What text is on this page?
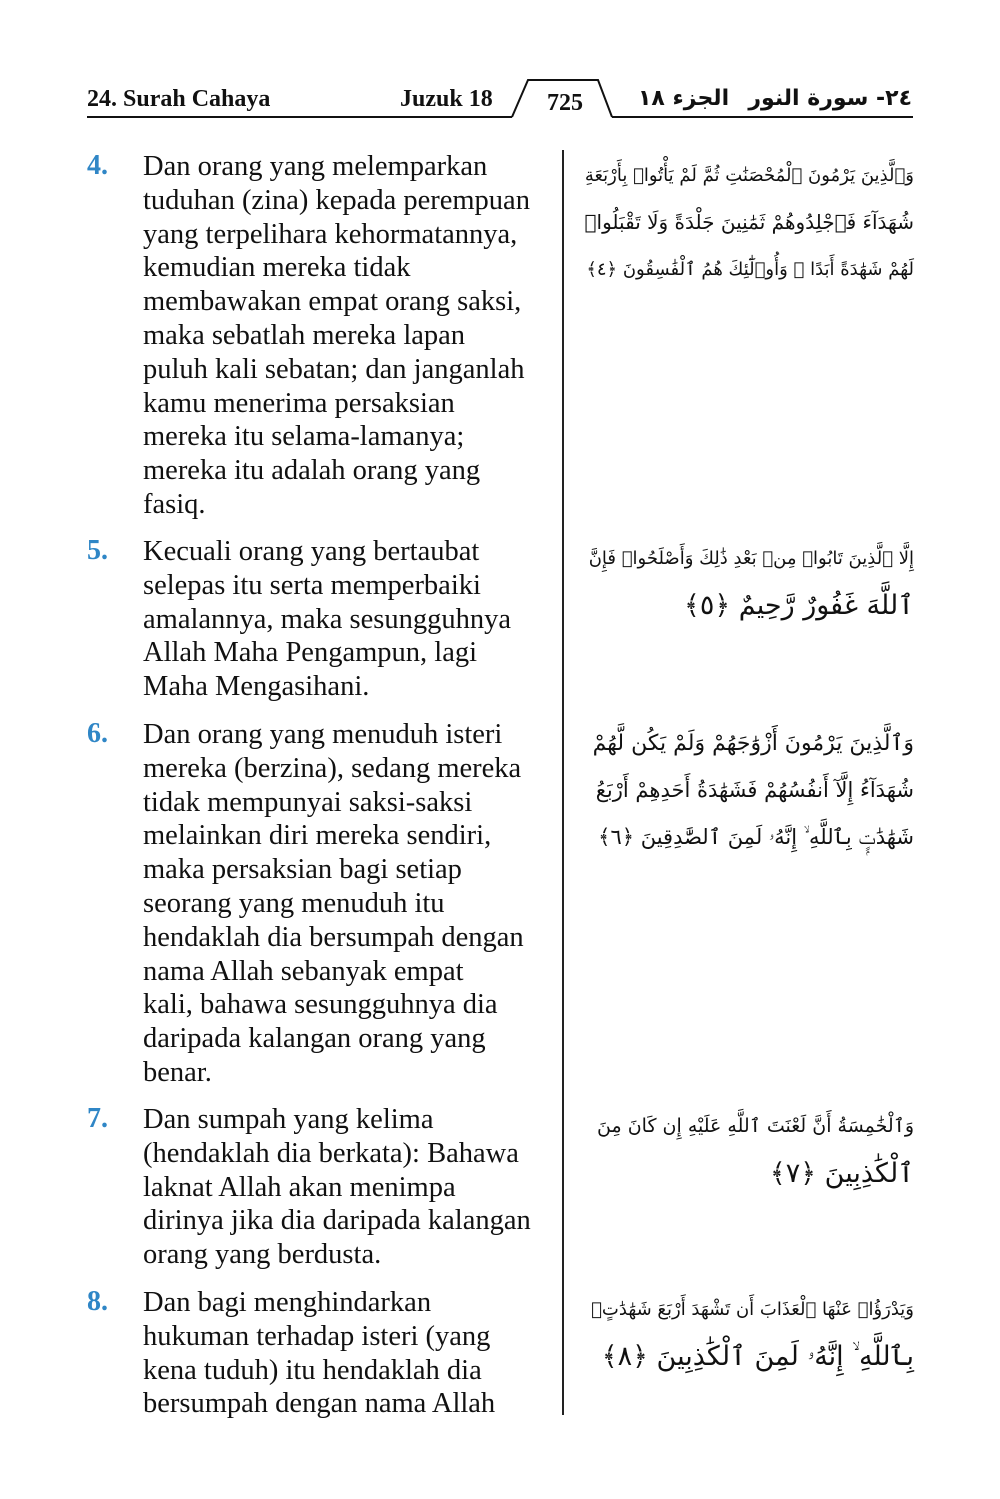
24. Surah Cahaya	Juzuk 18 725	الجزء ١٨ ٢٤- سورة النور
4. Dan orang yang melemparkan
tuduhan (zina) kepada perempuan
yang terpelihara kehormatannya,
kemudian mereka tidak
membawakan empat orang saksi,
maka sebatlah mereka lapan
puluh kali sebatan; dan janganlah
kamu menerima persaksian
mereka itu selama-lamanya;
mereka itu adalah orang yang
fasiq.
وَٱلَّذِينَ يَرْمُونَ ٱلْمُحْصَنَٰتِ ثُمَّ لَمْ يَأْتُوا۟ بِأَرْبَعَةِ
شُهَدَآءَ فَٱجْلِدُوهُمْ ثَمَٰنِينَ جَلْدَةً وَلَا تَقْبَلُوا۟
لَهُمْ شَهَٰدَةً أَبَدًا ۚ وَأُو۟لَٰٓئِكَ هُمُ ٱلْفَٰسِقُونَ ﴿٤﴾
5. Kecuali orang yang bertaubat
selepas itu serta memperbaiki
amalannya, maka sesungguhnya
Allah Maha Pengampun, lagi
Maha Mengasihani.
إِلَّا ٱلَّذِينَ تَابُوا۟ مِنۢ بَعْدِ ذَٰلِكَ وَأَصْلَحُوا۟ فَإِنَّ
ٱللَّهَ غَفُورٌ رَّحِيمٌ ﴿٥﴾
6. Dan orang yang menuduh isteri
mereka (berzina), sedang mereka
tidak mempunyai saksi-saksi
melainkan diri mereka sendiri,
maka persaksian bagi setiap
seorang yang menuduh itu
hendaklah dia bersumpah dengan
nama Allah sebanyak empat
kali, bahawa sesungguhnya dia
daripada kalangan orang yang
benar.
وَٱلَّذِينَ يَرْمُونَ أَزْوَٰجَهُمْ وَلَمْ يَكُن لَّهُمْ
شُهَدَآءُ إِلَّآ أَنفُسُهُمْ فَشَهَٰدَةُ أَحَدِهِمْ أَرْبَعُ
شَهَٰدَٰتٍۭ بِٱللَّهِ ۙ إِنَّهُۥ لَمِنَ ٱلصَّٰدِقِينَ ﴿٦﴾
7. Dan sumpah yang kelima
(hendaklah dia berkata): Bahawa
laknat Allah akan menimpa
dirinya jika dia daripada kalangan
orang yang berdusta.
وَٱلْخَٰمِسَةُ أَنَّ لَعْنَتَ ٱللَّهِ عَلَيْهِ إِن كَانَ مِنَ
ٱلْكَٰذِبِينَ ﴿٧﴾
8. Dan bagi menghindarkan
hukuman terhadap isteri (yang
kena tuduh) itu hendaklah dia
bersumpah dengan nama Allah
وَيَدْرَؤُا۟ عَنْهَا ٱلْعَذَابَ أَن تَشْهَدَ أَرْبَعَ شَهَٰدَٰتٍۭ
بِٱللَّهِ ۙ إِنَّهُۥ لَمِنَ ٱلْكَٰذِبِينَ ﴿٨﴾
